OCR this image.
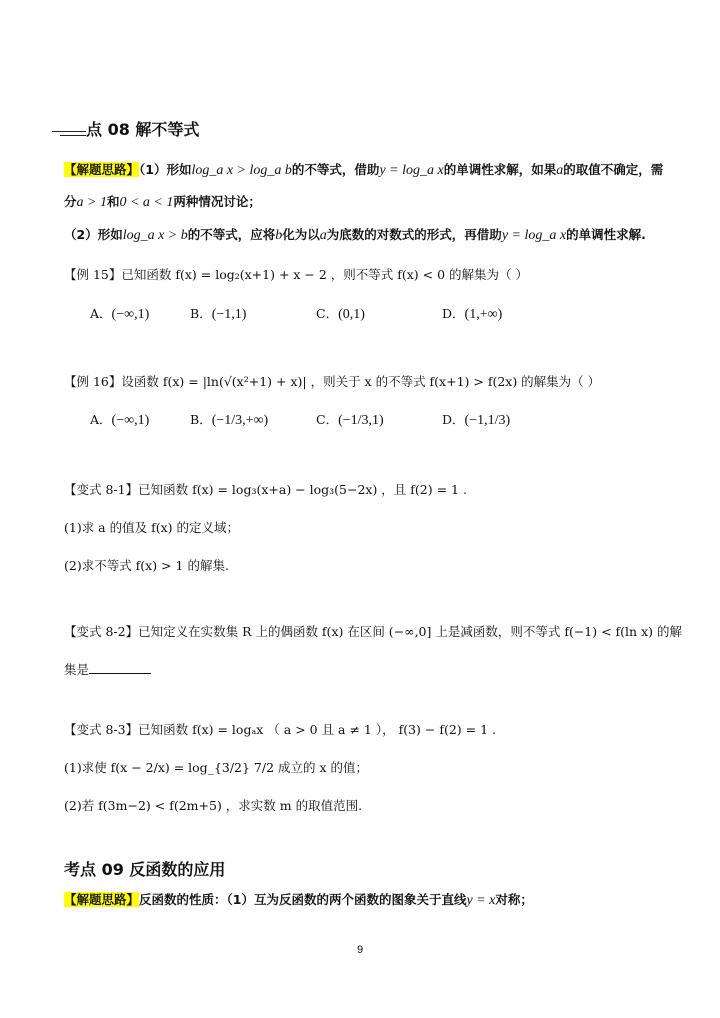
点 08 解不等式
【解题思路】（1）形如log_a x > log_a b的不等式，借助y = log_a x的单调性求解，如果a的取值不确定，需
分a > 1和0 < a < 1两种情况讨论；
（2）形如log_a x > b的不等式，应将b化为以a为底数的对数式的形式，再借助y = log_a x的单调性求解.
【例 15】已知函数 f(x) = log₂(x+1) + x − 2 ，则不等式 f(x) < 0 的解集为（ ）
A．(−∞,1)	B．(−1,1)	C．(0,1)	D．(1,+∞)
【例 16】设函数 f(x) = |ln(√(x²+1) + x)| ，则关于 x 的不等式 f(x+1) > f(2x) 的解集为（ ）
A．(−∞,1)	B．(−1/3,+∞)	C．(−1/3,1)	D．(−1,1/3)
【变式 8-1】已知函数 f(x) = log₃(x+a) − log₃(5−2x) ，且 f(2) = 1 .
(1)求 a 的值及 f(x) 的定义域；
(2)求不等式 f(x) > 1 的解集.
【变式 8-2】已知定义在实数集 R 上的偶函数 f(x) 在区间 (−∞,0] 上是减函数，则不等式 f(−1) < f(ln x) 的解
集是
【变式 8-3】已知函数 f(x) = logₐx （ a > 0 且 a ≠ 1 ）， f(3) − f(2) = 1 .
(1)求使 f(x − 2/x) = log_{3/2} 7/2 成立的 x 的值；
(2)若 f(3m−2) < f(2m+5) ，求实数 m 的取值范围.
考点 09 反函数的应用
【解题思路】反函数的性质：（1）互为反函数的两个函数的图象关于直线y = x对称；
9
